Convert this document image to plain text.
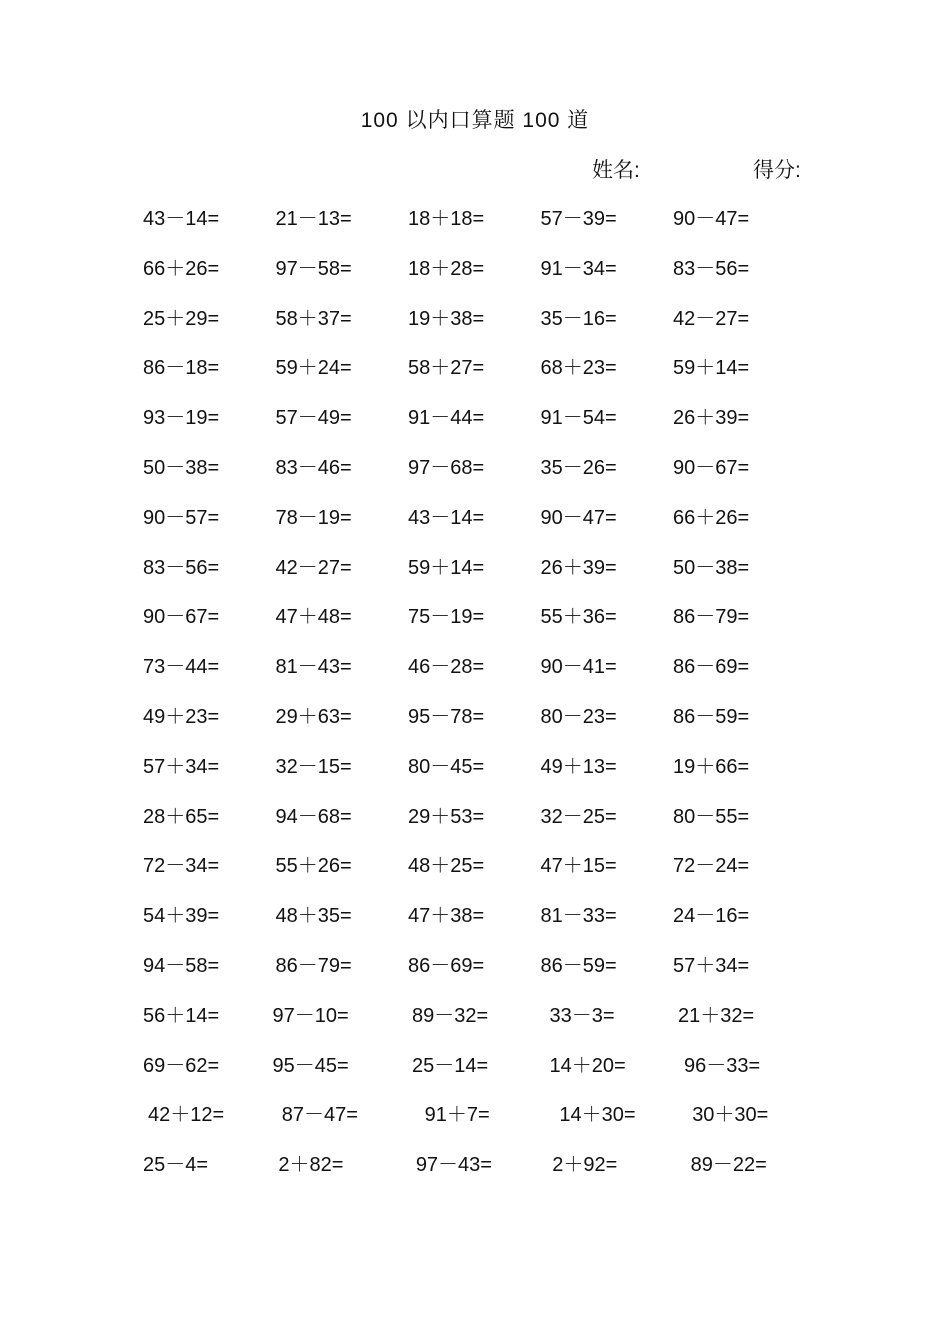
100 以内口算题 100 道
姓名:	得分:
43－14=	21－13=	18＋18=	57－39=	90－47=
66＋26=	97－58=	18＋28=	91－34=	83－56=
25＋29=	58＋37=	19＋38=	35－16=	42－27=
86－18=	59＋24=	58＋27=	68＋23=	59＋14=
93－19=	57－49=	91－44=	91－54=	26＋39=
50－38=	83－46=	97－68=	35－26=	90－67=
90－57=	78－19=	43－14=	90－47=	66＋26=
83－56=	42－27=	59＋14=	26＋39=	50－38=
90－67=	47＋48=	75－19=	55＋36=	86－79=
73－44=	81－43=	46－28=	90－41=	86－69=
49＋23=	29＋63=	95－78=	80－23=	86－59=
57＋34=	32－15=	80－45=	49＋13=	19＋66=
28＋65=	94－68=	29＋53=	32－25=	80－55=
72－34=	55＋26=	48＋25=	47＋15=	72－24=
54＋39=	48＋35=	47＋38=	81－33=	24－16=
94－58=	86－79=	86－69=	86－59=	57＋34=
56＋14=	97－10=	89－32=	33－3=	21＋32=
69－62=	95－45=	25－14=	14＋20=	96－33=
42＋12=	87－47=	91＋7=	14＋30=	30＋30=
25－4=	2＋82=	97－43=	2＋92=	89－22=
